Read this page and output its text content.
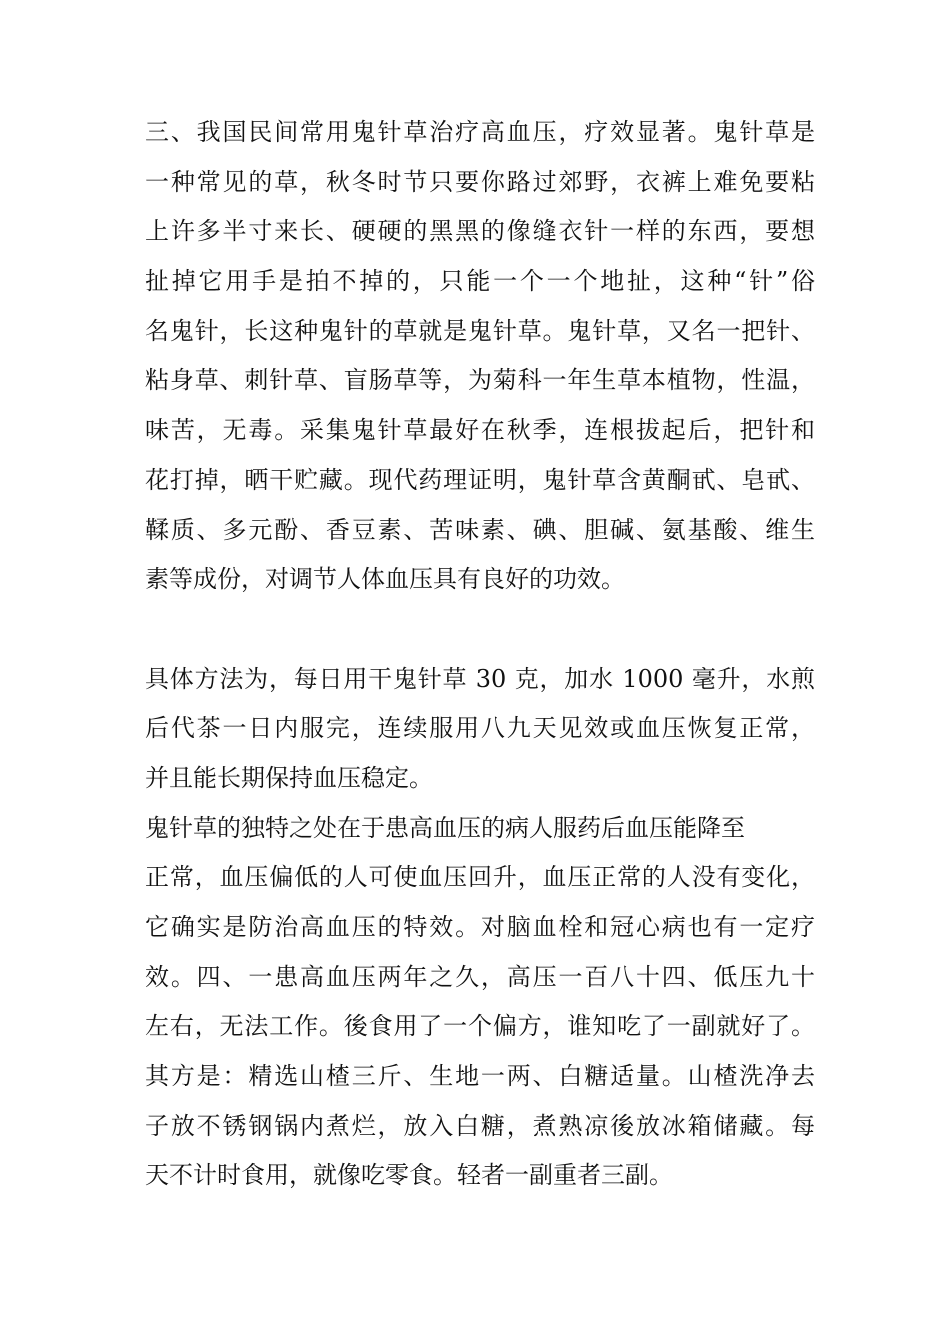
三、我国民间常用鬼针草治疗高血压，疗效显著。鬼针草是
一种常见的草，秋冬时节只要你路过郊野，衣裤上难免要粘
上许多半寸来长、硬硬的黑黑的像缝衣针一样的东西，要想
扯掉它用手是拍不掉的，只能一个一个地扯，这种“针”俗
名鬼针，长这种鬼针的草就是鬼针草。鬼针草，又名一把针、
粘身草、刺针草、盲肠草等，为菊科一年生草本植物，性温，
味苦，无毒。采集鬼针草最好在秋季，连根拔起后，把针和
花打掉，晒干贮藏。现代药理证明，鬼针草含黄酮甙、皂甙、
鞣质、多元酚、香豆素、苦味素、碘、胆碱、氨基酸、维生
素等成份，对调节人体血压具有良好的功效。
具体方法为，每日用干鬼针草 30 克，加水 1000 毫升，水煎
后代茶一日内服完，连续服用八九天见效或血压恢复正常，
并且能长期保持血压稳定。
鬼针草的独特之处在于患高血压的病人服药后血压能降至
正常，血压偏低的人可使血压回升，血压正常的人没有变化，
它确实是防治高血压的特效。对脑血栓和冠心病也有一定疗
效。四、一患高血压两年之久，高压一百八十四、低压九十
左右，无法工作。後食用了一个偏方，谁知吃了一副就好了。
其方是：精选山楂三斤、生地一两、白糖适量。山楂洗净去
子放不锈钢锅内煮烂，放入白糖，煮熟凉後放冰箱储藏。每
天不计时食用，就像吃零食。轻者一副重者三副。
